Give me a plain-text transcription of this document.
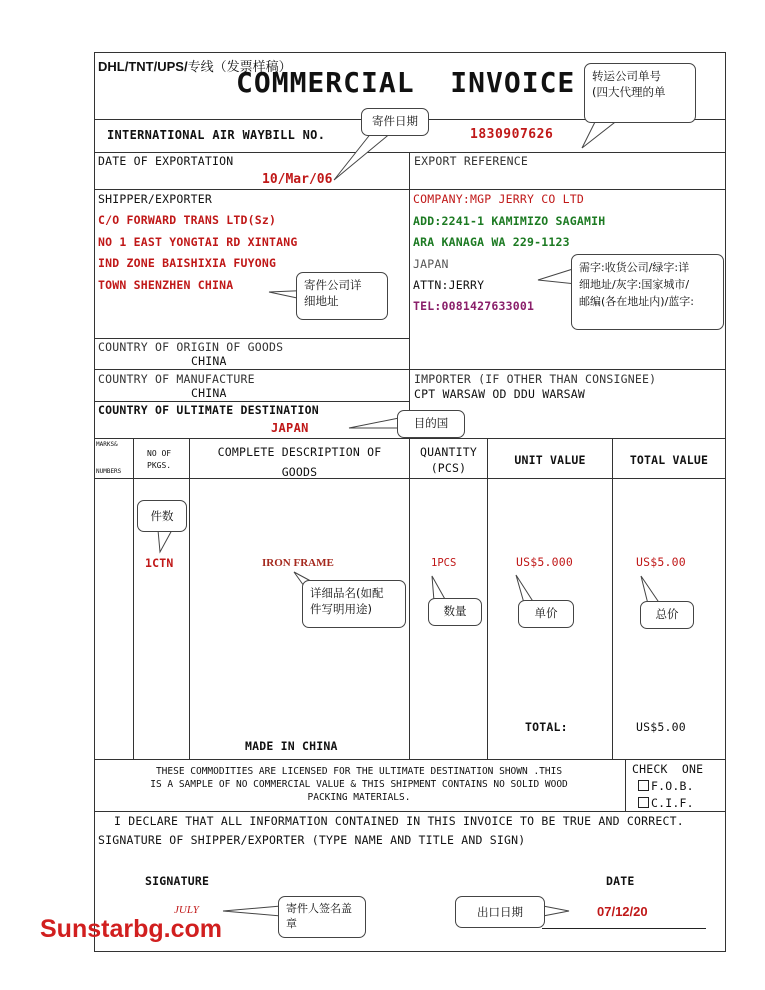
DHL/TNT/UPS/专线（发票样稿）
COMMERCIAL  INVOICE
INTERNATIONAL AIR WAYBILL NO.	1830907626
DATE OF EXPORTATION
10/Mar/06
EXPORT REFERENCE
SHIPPER/EXPORTER
C/O FORWARD TRANS LTD(Sz)
NO 1 EAST YONGTAI RD XINTANG
IND ZONE BAISHIXIA FUYONG
TOWN SHENZHEN CHINA
COMPANY:MGP JERRY CO LTD
ADD:2241-1 KAMIMIZO SAGAMIH
ARA KANAGA WA 229-1123
JAPAN
ATTN:JERRY
TEL:0081427633001
COUNTRY OF ORIGIN OF GOODS
CHINA
COUNTRY OF MANUFACTURE
CHINA
IMPORTER (IF OTHER THAN CONSIGNEE)
CPT WARSAW OD DDU WARSAW
COUNTRY OF ULTIMATE DESTINATION
JAPAN
MARKS&
NUMBERS
NO OF
PKGS.
COMPLETE DESCRIPTION OF
GOODS
QUANTITY
(PCS)
UNIT VALUE	TOTAL VALUE
1CTN	IRON FRAME	1PCS	US$5.000	US$5.00
MADE IN CHINA
TOTAL:	US$5.00
THESE COMMODITIES ARE LICENSED FOR THE ULTIMATE DESTINATION SHOWN .THIS
IS A SAMPLE OF NO COMMERCIAL VALUE & THIS SHIPMENT CONTAINS NO SOLID WOOD
PACKING MATERIALS.
CHECK  ONE
F.O.B.
C.I.F.
I DECLARE THAT ALL INFORMATION CONTAINED IN THIS INVOICE TO BE TRUE AND CORRECT.
SIGNATURE OF SHIPPER/EXPORTER (TYPE NAME AND TITLE AND SIGN)
SIGNATURE
JULY
DATE
07/12/20
转运公司单号
(四大代理的单
寄件日期
寄件公司详
细地址
需字:收货公司/绿字:详
细地址/灰字:国家城市/
邮编(各在地址内)/蓝字:
目的国
件数
详细品名(如配
件写明用途)	数量	单价	总价
寄件人签名盖
章
出口日期
Sunstarbg.com
